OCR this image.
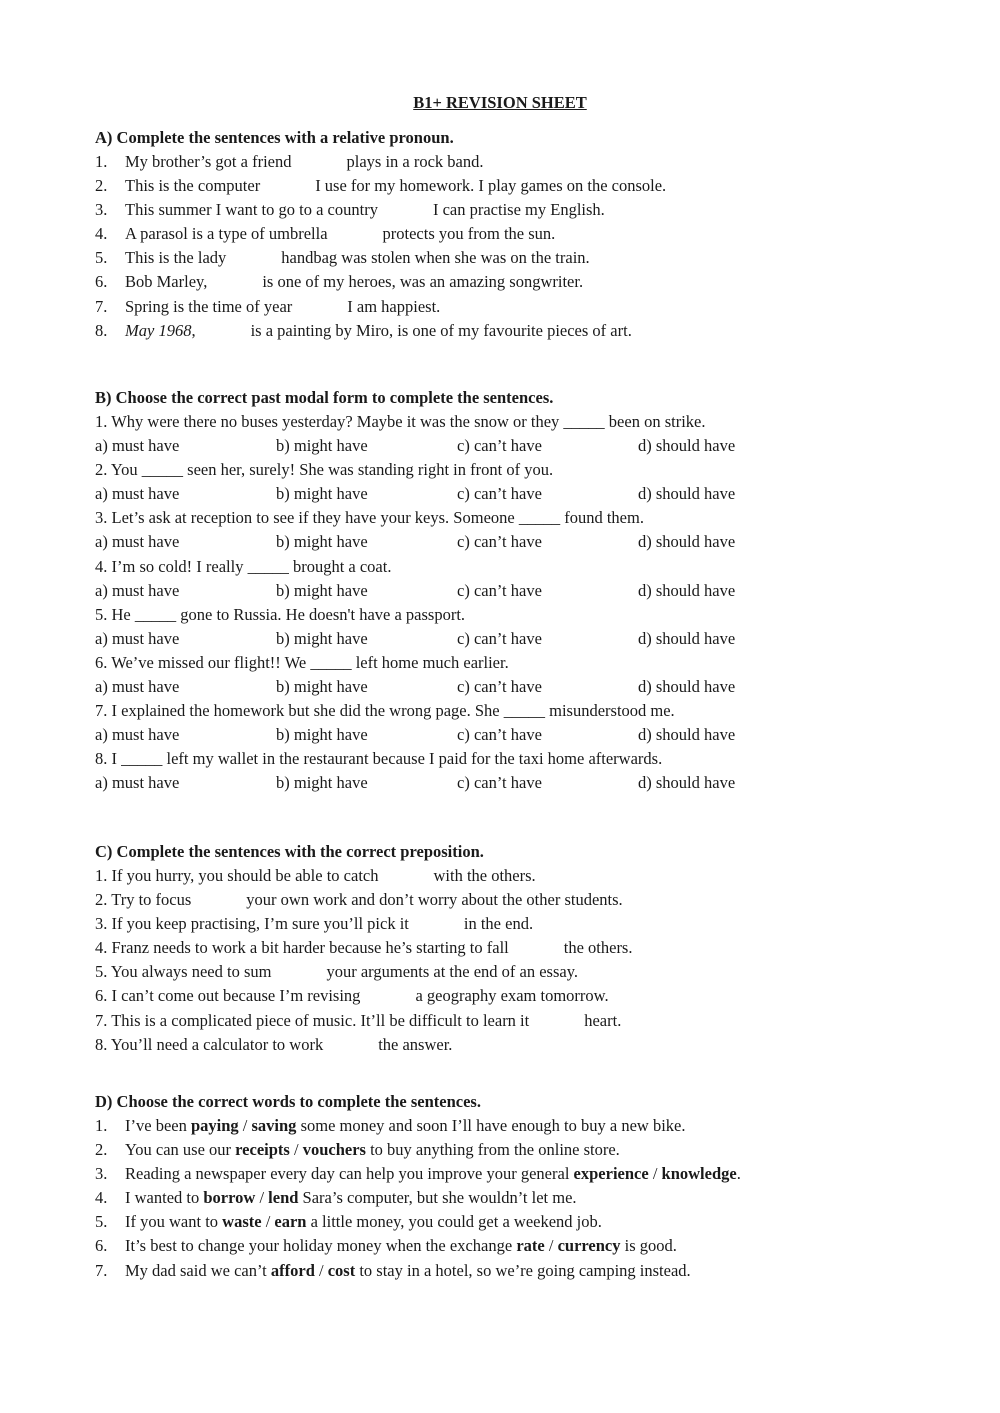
B1+ REVISION SHEET
A) Complete the sentences with a relative pronoun.
1. My brother’s got a friend	plays in a rock band.
2. This is the computer	I use for my homework. I play games on the console.
3. This summer I want to go to a country	I can practise my English.
4. A parasol is a type of umbrella	protects you from the sun.
5. This is the lady	handbag was stolen when she was on the train.
6. Bob Marley,	is one of my heroes, was an amazing songwriter.
7. Spring is the time of year	I am happiest.
8. May 1968,	is a painting by Miro, is one of my favourite pieces of art.
B) Choose the correct past modal form to complete the sentences.
1. Why were there no buses yesterday? Maybe it was the snow or they _____ been on strike.
a) must have	b) might have	c) can’t have	d) should have
2. You _____ seen her, surely! She was standing right in front of you.
a) must have	b) might have	c) can’t have	d) should have
3. Let’s ask at reception to see if they have your keys. Someone _____ found them.
a) must have	b) might have	c) can’t have	d) should have
4. I’m so cold! I really _____ brought a coat.
a) must have	b) might have	c) can’t have	d) should have
5. He _____ gone to Russia. He doesn't have a passport.
a) must have	b) might have	c) can’t have	d) should have
6. We’ve missed our flight!! We _____ left home much earlier.
a) must have	b) might have	c) can’t have	d) should have
7. I explained the homework but she did the wrong page. She _____ misunderstood me.
a) must have	b) might have	c) can’t have	d) should have
8. I _____ left my wallet in the restaurant because I paid for the taxi home afterwards.
a) must have	b) might have	c) can’t have	d) should have
C) Complete the sentences with the correct preposition.
1. If you hurry, you should be able to catch	with the others.
2. Try to focus	your own work and don’t worry about the other students.
3. If you keep practising, I’m sure you’ll pick it	in the end.
4. Franz needs to work a bit harder because he’s starting to fall	the others.
5. You always need to sum	your arguments at the end of an essay.
6. I can’t come out because I’m revising	a geography exam tomorrow.
7. This is a complicated piece of music. It’ll be difficult to learn it	heart.
8. You’ll need a calculator to work	the answer.
D) Choose the correct words to complete the sentences.
1. I’ve been paying / saving some money and soon I’ll have enough to buy a new bike.
2. You can use our receipts / vouchers to buy anything from the online store.
3. Reading a newspaper every day can help you improve your general experience / knowledge.
4. I wanted to borrow / lend Sara’s computer, but she wouldn’t let me.
5. If you want to waste / earn a little money, you could get a weekend job.
6. It’s best to change your holiday money when the exchange rate / currency is good.
7. My dad said we can’t afford / cost to stay in a hotel, so we’re going camping instead.
